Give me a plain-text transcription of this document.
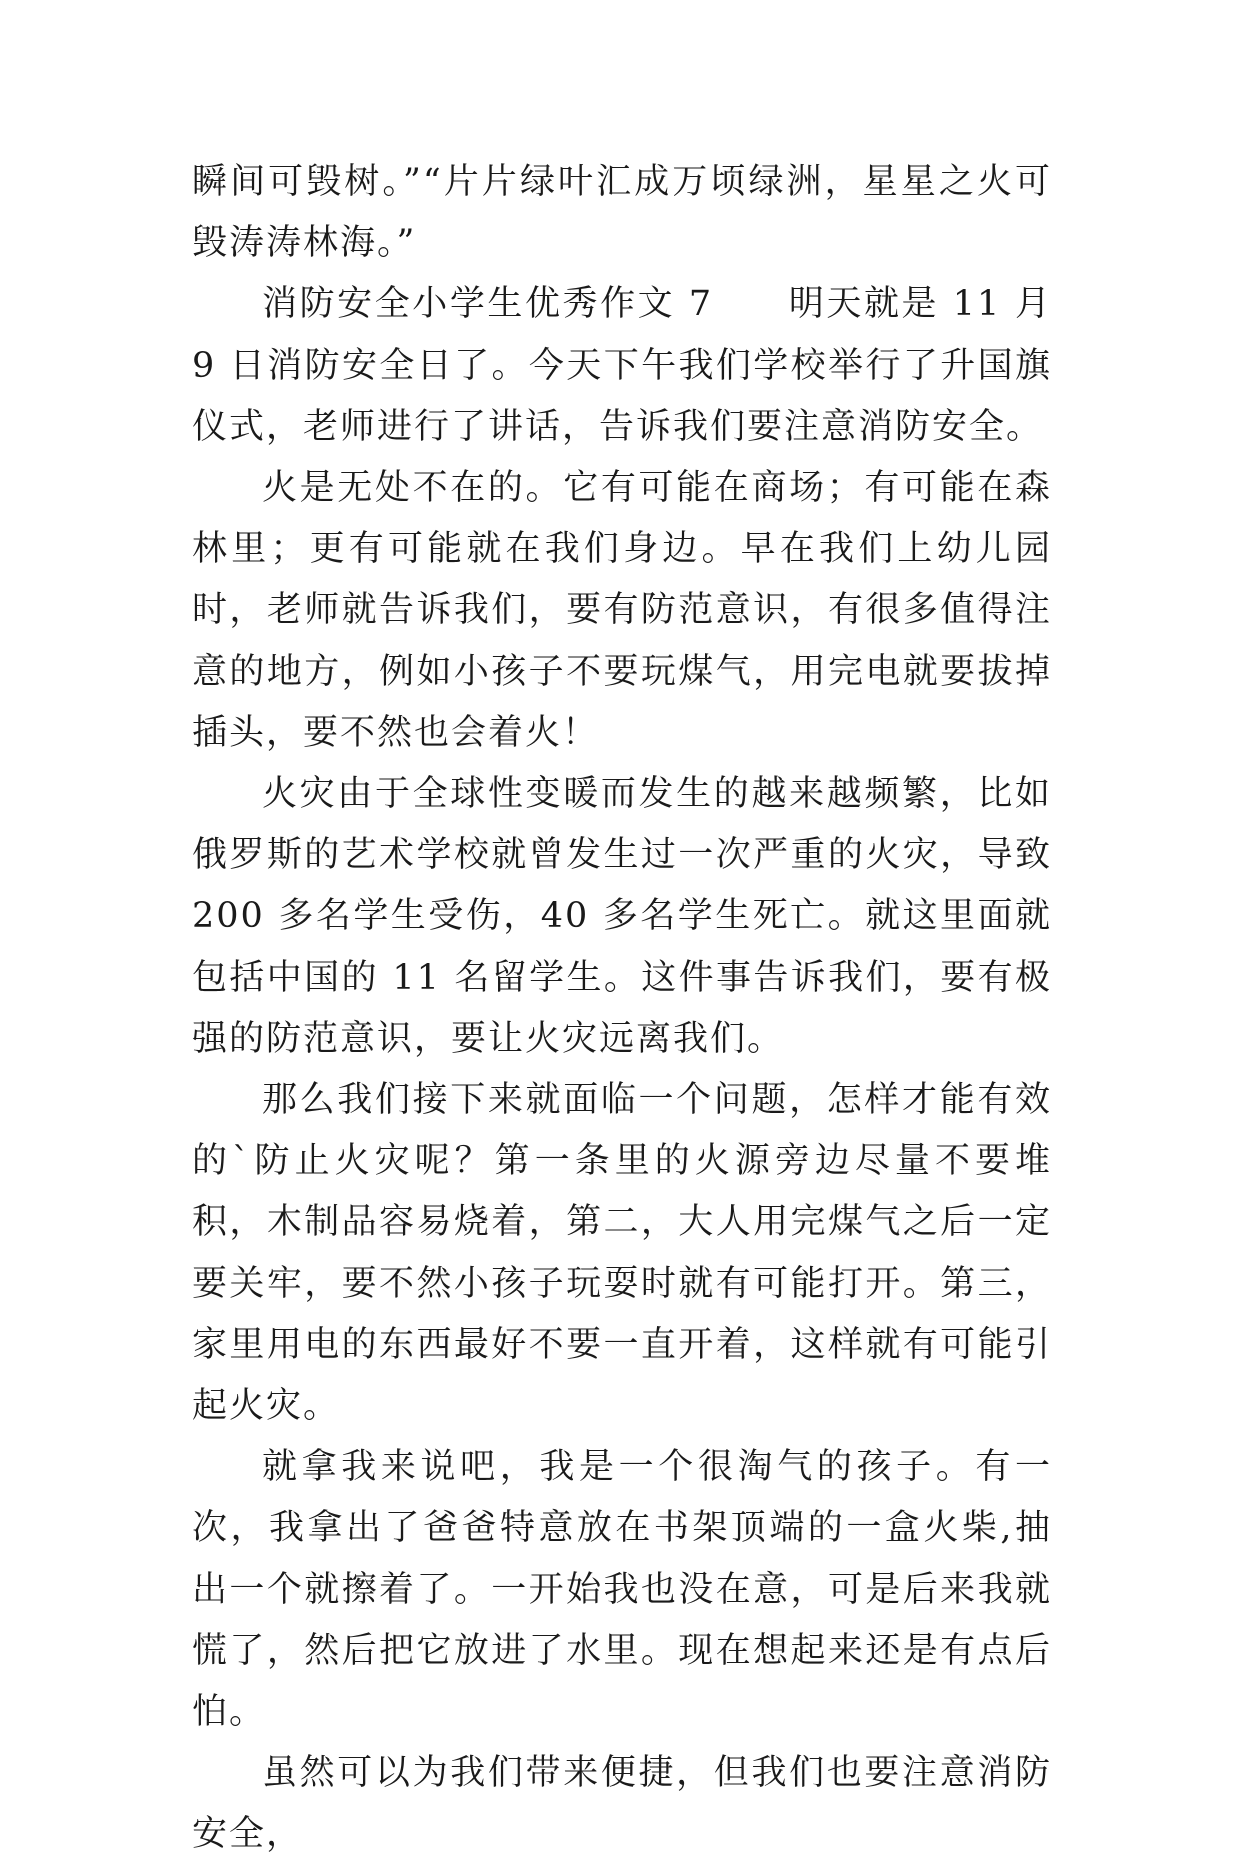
瞬间可毁树。”“片片绿叶汇成万顷绿洲，星星之火可毁涛涛林海。”

消防安全小学生优秀作文 7　　明天就是 11 月 9 日消防安全日了。今天下午我们学校举行了升国旗仪式，老师进行了讲话，告诉我们要注意消防安全。

火是无处不在的。它有可能在商场；有可能在森林里；更有可能就在我们身边。早在我们上幼儿园时，老师就告诉我们，要有防范意识，有很多值得注意的地方，例如小孩子不要玩煤气，用完电就要拔掉插头，要不然也会着火！

火灾由于全球性变暖而发生的越来越频繁，比如俄罗斯的艺术学校就曾发生过一次严重的火灾，导致 200 多名学生受伤，40 多名学生死亡。就这里面就包括中国的 11 名留学生。这件事告诉我们，要有极强的防范意识，要让火灾远离我们。

那么我们接下来就面临一个问题，怎样才能有效的`防止火灾呢？第一条里的火源旁边尽量不要堆积，木制品容易烧着，第二，大人用完煤气之后一定要关牢，要不然小孩子玩耍时就有可能打开。第三，家里用电的东西最好不要一直开着，这样就有可能引起火灾。

就拿我来说吧，我是一个很淘气的孩子。有一次，我拿出了爸爸特意放在书架顶端的一盒火柴,抽出一个就擦着了。一开始我也没在意，可是后来我就慌了，然后把它放进了水里。现在想起来还是有点后怕。

虽然可以为我们带来便捷，但我们也要注意消防安全，
